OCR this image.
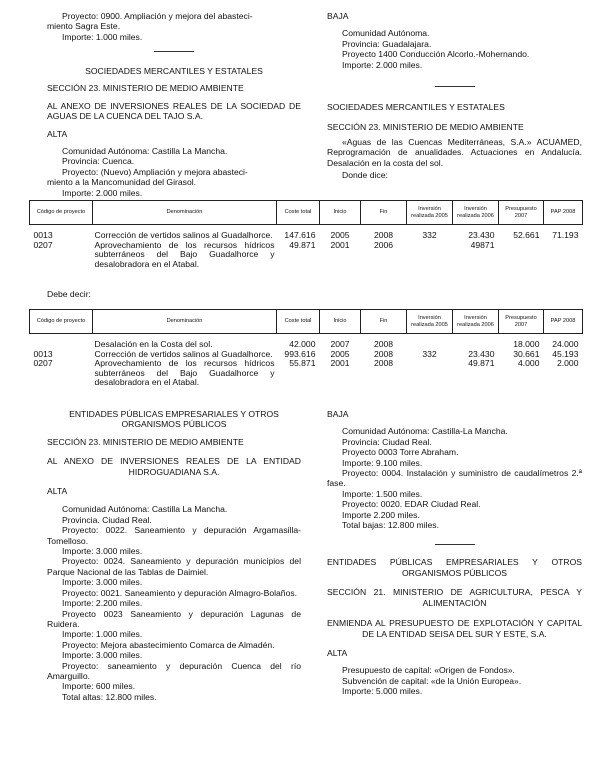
Proyecto: 0900. Ampliación y mejora del abasteci-

miento Sagra Este.

Importe: 1.000 miles.

SOCIEDADES MERCANTILES Y ESTATALES

SECCIÓN 23. MINISTERIO DE MEDIO AMBIENTE

AL ANEXO DE INVERSIONES REALES DE LA SOCIEDAD DE AGUAS DE LA CUENCA DEL TAJO S.A.

ALTA

Comunidad Autónoma: Castilla La Mancha.

Provincia: Cuenca.

Proyecto: (Nuevo) Ampliación y mejora abasteci-

miento a la Mancomunidad del Girasol.

Importe: 2.000 miles.

BAJA

Comunidad Autónoma.

Provincia: Guadalajara.

Proyecto 1400 Conducción Alcorlo.-Mohernando.

Importe: 2.000 miles.

SOCIEDADES MERCANTILES Y ESTATALES

SECCIÓN 23. MINISTERIO DE MEDIO AMBIENTE

«Aguas de las Cuencas Mediterráneas, S.A.» ACUAMED, Reprogramación de anualidades. Actuaciones en Andalucía. Desalación en la costa del sol.

Donde dice:

Código de proyecto	Denominación	Coste total	Inicio	Fin	Inversión realizada 2005	Inversión realizada 2006	Presupuesto 2007	PAP 2008
0013	Corrección de vertidos salinos al Guadalhorce.	147.616	2005	2008	332	23.430	52.661	71.193
0207	Aprovechamiento de los recursos hídricos subterráneos del Bajo Guadalhorce y desalobradora en el Atabal.	49.871	2001	2006		49871		
Debe decir:
Código de proyecto	Denominación	Coste total	Inicio	Fin	Inversión realizada 2005	Inversión realizada 2006	Presupuesto 2007	PAP 2008
	Desalación en la Costa del sol.	42.000	2007	2008			18.000	24.000
0013	Corrección de vertidos salinos al Guadalhorce.	993.616	2005	2008	332	23.430	30.661	45.193
0207	Aprovechamiento de los recursos hídricos subterráneos del Bajo Guadalhorce y desalobradora en el Atabal.	55.871	2001	2008		49.871	4.000	2.000

ENTIDADES PÚBLICAS EMPRESARIALES Y OTROS ORGANISMOS PÚBLICOS

SECCIÓN 23. MINISTERIO DE MEDIO AMBIENTE

AL ANEXO DE INVERSIONES REALES DE LA ENTIDAD HIDROGUADIANA S.A.

ALTA

Comunidad Autónoma: Castilla La Mancha.

Provincia. Ciudad Real.

Proyecto: 0022. Saneamiento y depuración Argamasilla-Tomelloso.

Importe: 3.000 miles.

Proyecto: 0024. Saneamiento y depuración municipios del Parque Nacional de las Tablas de Daimiel.

Importe: 3.000 miles.

Proyecto: 0021. Saneamiento y depuración Almagro-Bolaños.

Importe: 2.200 miles.

Proyecto 0023 Saneamiento y depuración Lagunas de Ruidera.

Importe: 1.000 miles.

Proyecto: Mejora abastecimiento Comarca de Almadén.

Importe: 3.000 miles.

Proyecto: saneamiento y depuración Cuenca del río Amarguillo.

Importe: 600 miles.

Total altas: 12.800 miles.

BAJA

Comunidad Autónoma: Castilla-La Mancha.

Provincia: Ciudad Real.

Proyecto 0003 Torre Abraham.

Importe: 9.100 miles.

Proyecto: 0004. Instalación y suministro de caudalímetros 2.ª fase.

Importe: 1.500 miles.

Proyecto: 0020. EDAR Ciudad Real.

Importe 2.200 miles.

Total bajas: 12.800 miles.

ENTIDADES PÚBLICAS EMPRESARIALES Y OTROS ORGANISMOS PÚBLICOS

SECCIÓN 21. MINISTERIO DE AGRICULTURA, PESCA Y ALIMENTACIÓN

ENMIENDA AL PRESUPUESTO DE EXPLOTACIÓN Y CAPITAL DE LA ENTIDAD SEISA DEL SUR Y ESTE, S.A.

ALTA

Presupuesto de capital: «Origen de Fondos».

Subvención de capital: «de la Unión Europea».

Importe: 5.000 miles.
